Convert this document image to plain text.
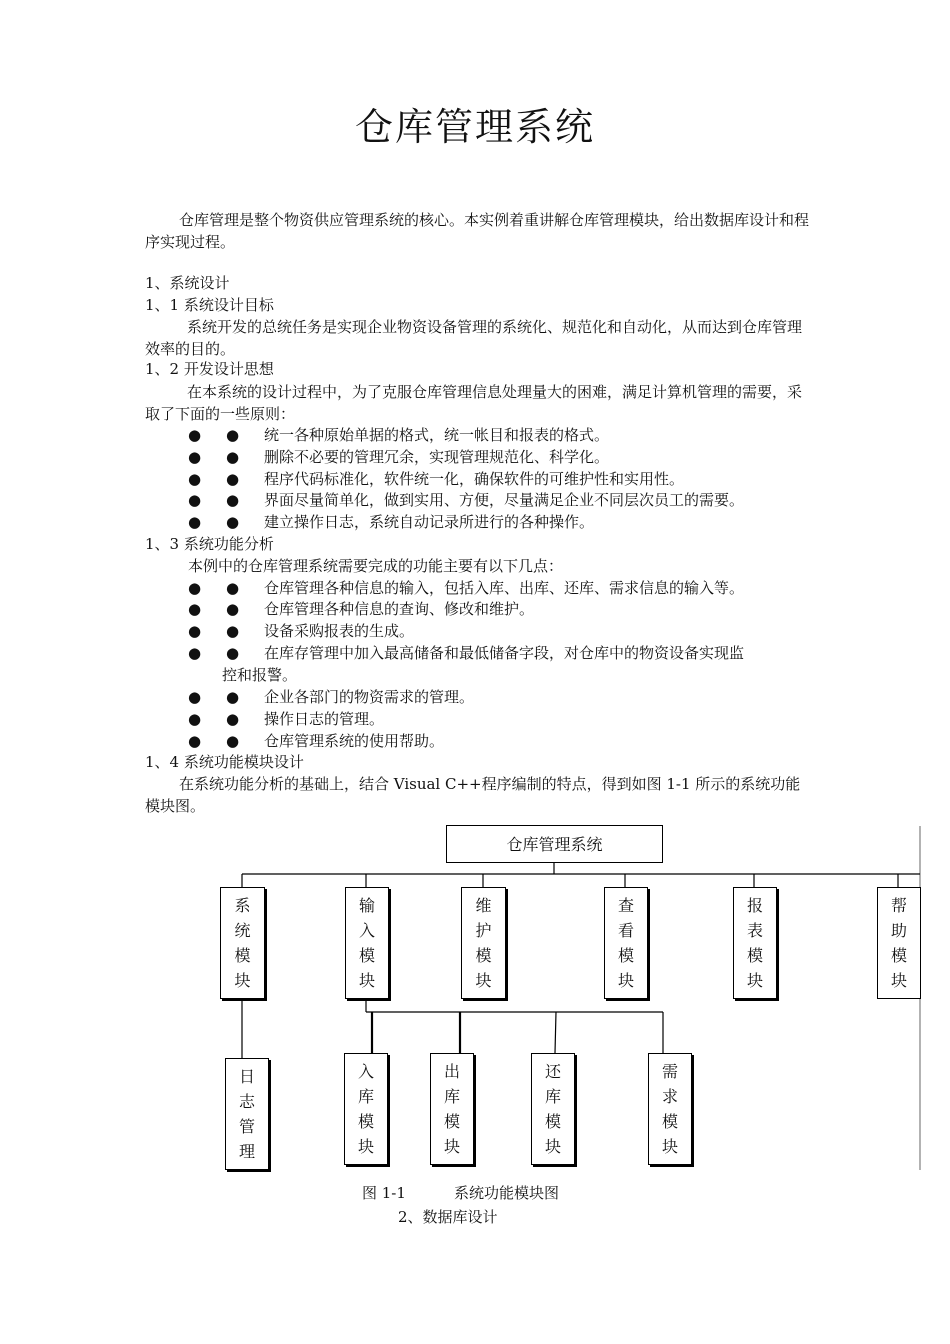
仓库管理系统
仓库管理是整个物资供应管理系统的核心。本实例着重讲解仓库管理模块，给出数据库设计和程序实现过程。
1、系统设计
1、1 系统设计目标
系统开发的总统任务是实现企业物资设备管理的系统化、规范化和自动化，从而达到仓库管理效率的目的。
1、2 开发设计思想
在本系统的设计过程中，为了克服仓库管理信息处理量大的困难，满足计算机管理的需要，采取了下面的一些原则：
● ● 统一各种原始单据的格式，统一帐目和报表的格式。
● ● 删除不必要的管理冗余，实现管理规范化、科学化。
● ● 程序代码标准化，软件统一化，确保软件的可维护性和实用性。
● ● 界面尽量简单化，做到实用、方便，尽量满足企业不同层次员工的需要。
● ● 建立操作日志，系统自动记录所进行的各种操作。
1、3 系统功能分析
本例中的仓库管理系统需要完成的功能主要有以下几点：
● ● 仓库管理各种信息的输入，包括入库、出库、还库、需求信息的输入等。
● ● 仓库管理各种信息的查询、修改和维护。
● ● 设备采购报表的生成。
● ● 在库存管理中加入最高储备和最低储备字段，对仓库中的物资设备实现监
控和报警。
● ● 企业各部门的物资需求的管理。
● ● 操作日志的管理。
● ● 仓库管理系统的使用帮助。
1、4 系统功能模块设计
在系统功能分析的基础上，结合 Visual C++程序编制的特点，得到如图 1-1 所示的系统功能模块图。
仓库管理系统
系
统
模
块
输
入
模
块
维
护
模
块
查
看
模
块
报
表
模
块
帮
助
模
块
日
志
管
理
入
库
模
块
出
库
模
块
还
库
模
块
需
求
模
块
图 1-1	系统功能模块图
2、数据库设计
